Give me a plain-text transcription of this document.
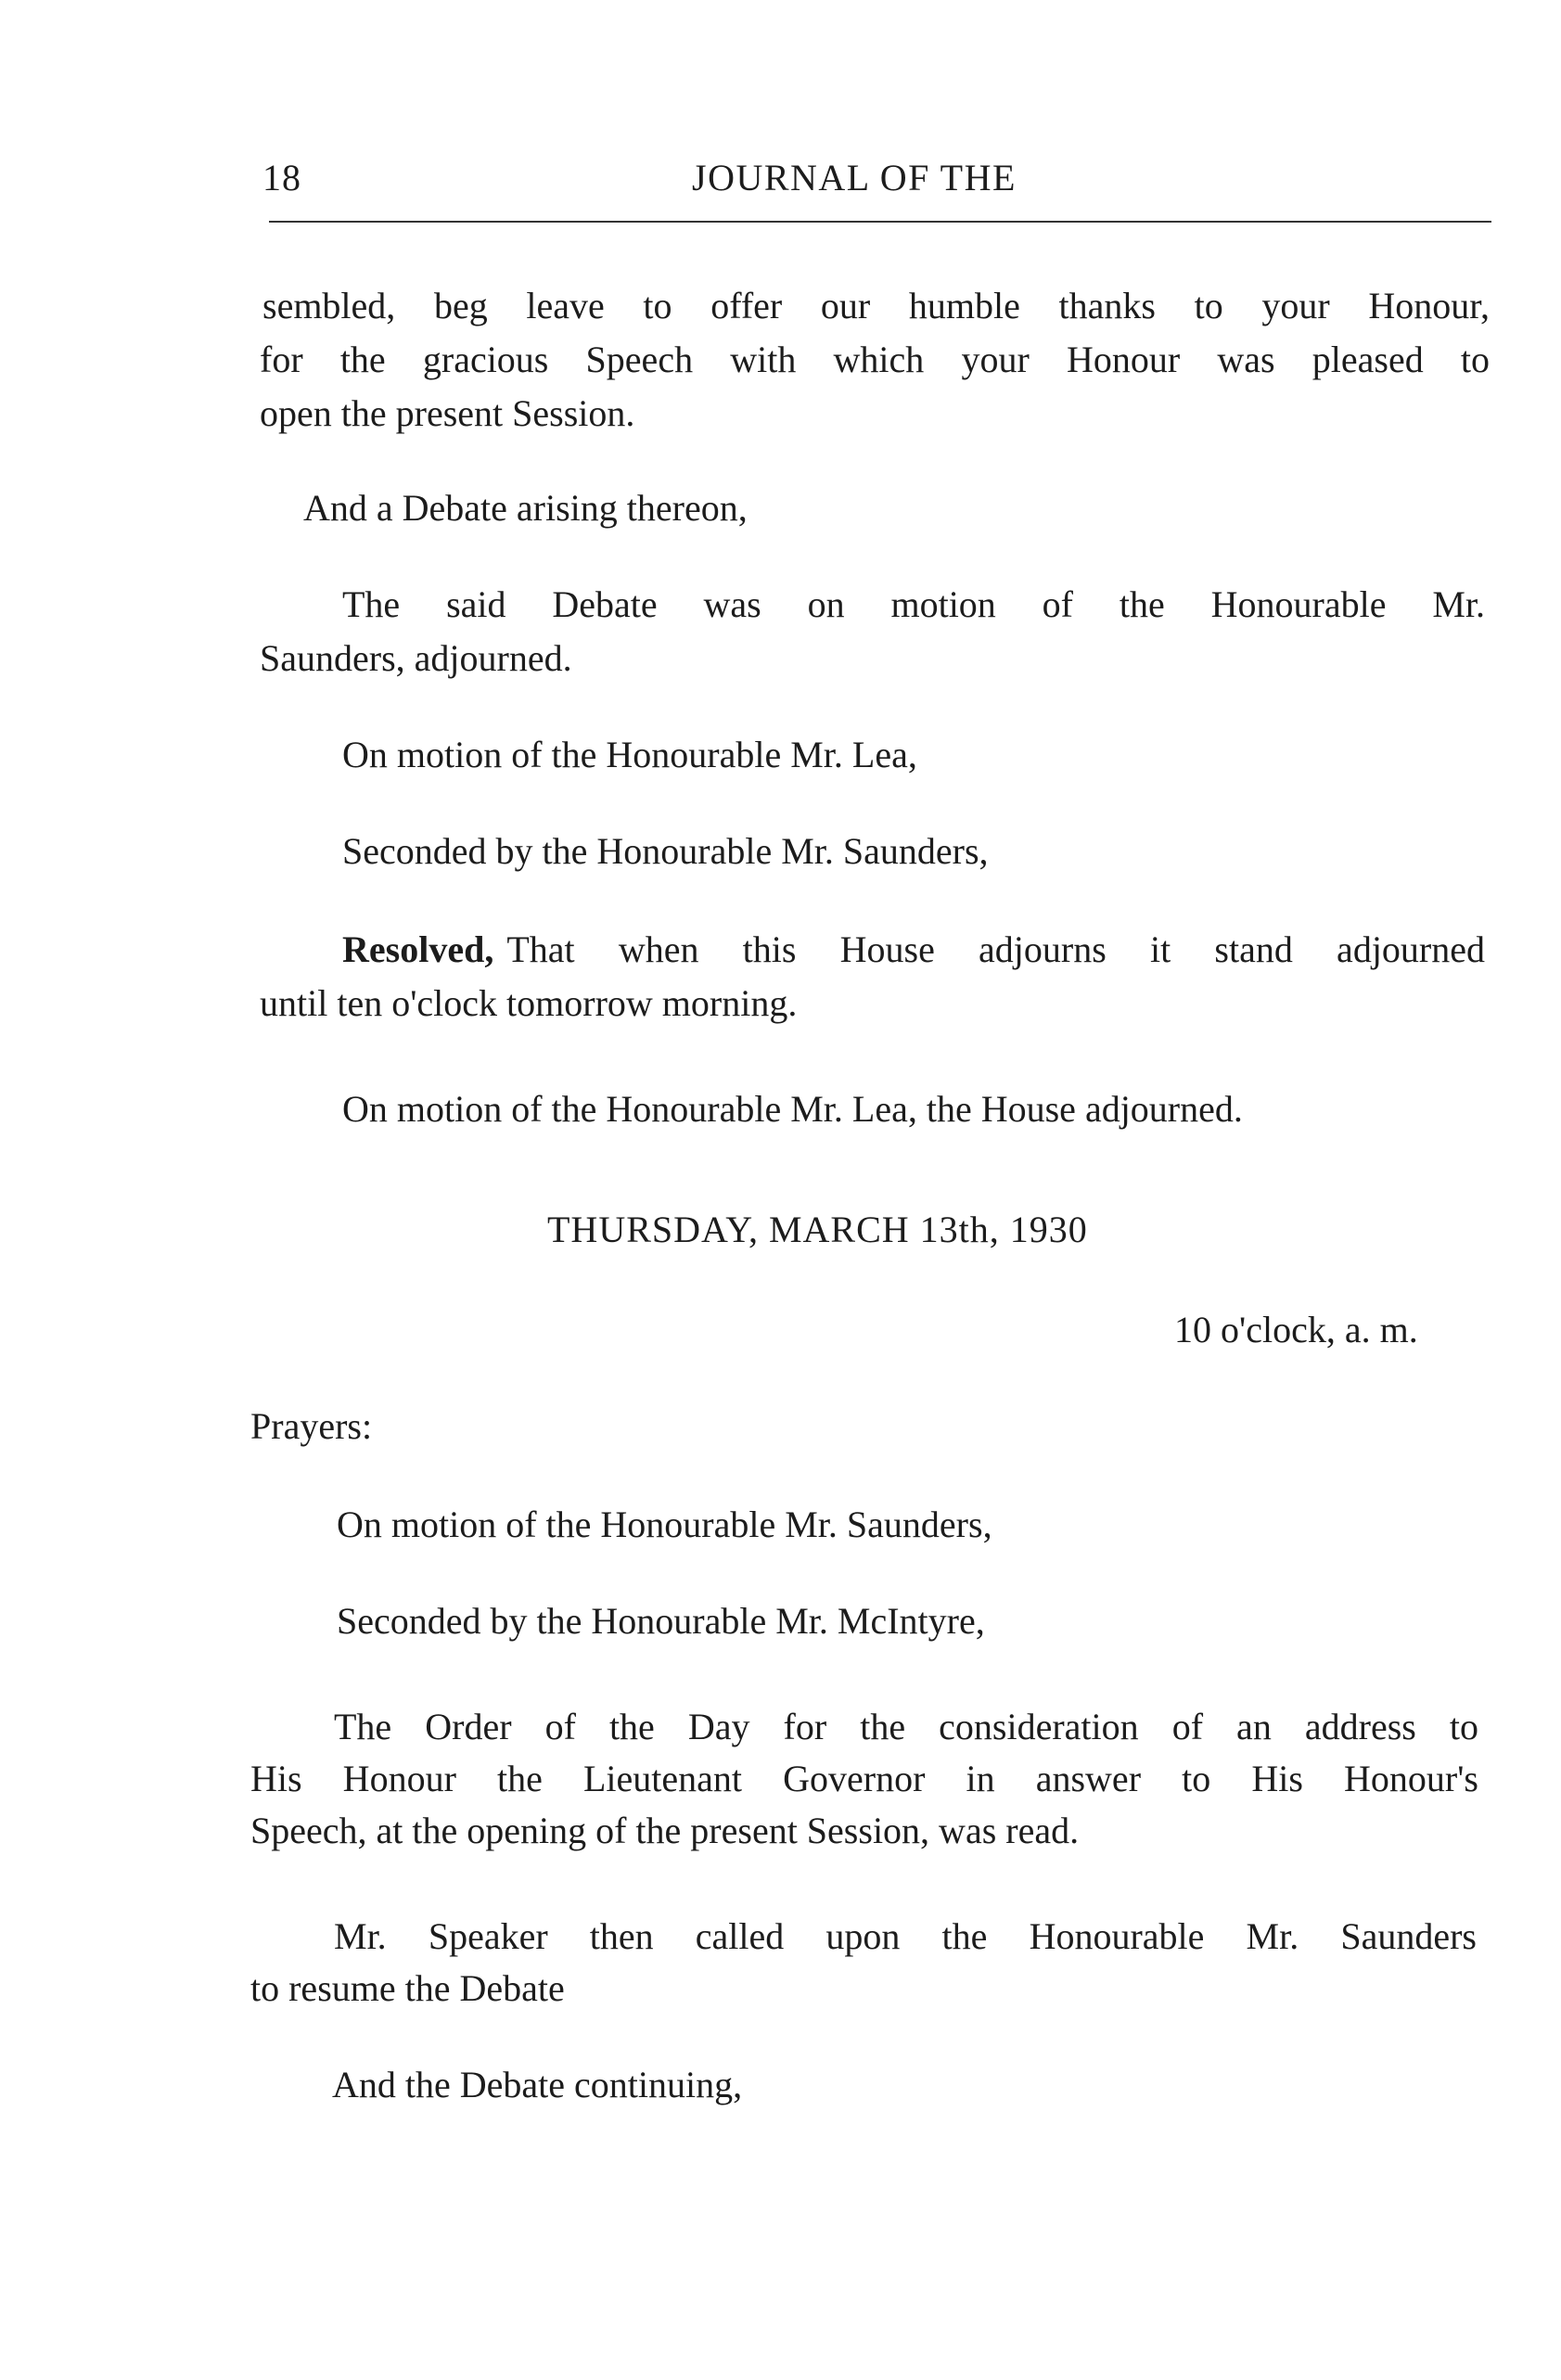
18	JOURNAL OF THE
sembled, beg leave to offer our humble thanks to your Honour,
for the gracious Speech with which your Honour was pleased to
open the present Session.
And a Debate arising thereon,
The said Debate was on motion of the Honourable Mr.
Saunders, adjourned.
On motion of the Honourable Mr. Lea,
Seconded by the Honourable Mr. Saunders,
Resolved, That when this House adjourns it stand adjourned
until ten o'clock tomorrow morning.
On motion of the Honourable Mr. Lea, the House adjourned.
THURSDAY, MARCH 13th, 1930
10 o'clock, a. m.
Prayers:
On motion of the Honourable Mr. Saunders,
Seconded by the Honourable Mr. McIntyre,
The Order of the Day for the consideration of an address to
His Honour the Lieutenant Governor in answer to His Honour's
Speech, at the opening of the present Session, was read.
Mr. Speaker then called upon the Honourable Mr. Saunders
to resume the Debate
And the Debate continuing,
